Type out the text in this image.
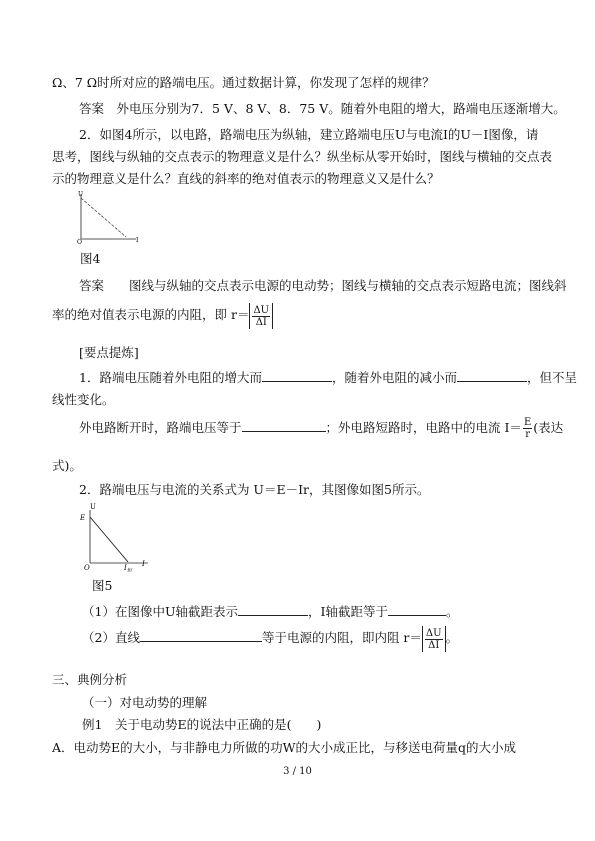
Ω、7 Ω时所对应的路端电压。通过数据计算，你发现了怎样的规律？
答案　 外电压分别为7．5 V、8 V、8．75 V。随着外电阻的增大，路端电压逐渐增大。
2．如图4所示，以电路，路端电压为纵轴，建立路端电压U与电流I的U－I图像，请
思考，图线与纵轴的交点表示的物理意义是什么？纵坐标从零开始时，图线与横轴的交点表
示的物理意义是什么？直线的斜率的绝对值表示的物理意义又是什么？
U
O	I
图4
答案　　 图线与纵轴的交点表示电源的电动势；图线与横轴的交点表示短路电流；图线斜
率的绝对值表示电源的内阻，即 $r= \frac{\Delta U}{\Delta I}$
[要点提炼]
1．路端电压随着外电阻的增大而	，随着外电阻的减小而	，但不呈
线性变化。
外电路断开时，路端电压等于	；外电路短路时，电路中的电流 $I= \frac{E}{r}$ (表达
式)。
2．路端电压与电流的关系式为 U＝E－Ir，其图像如图5所示。
U
E
O	$I_短$
I
图5
（1）在图像中U轴截距表示	，I轴截距等于	。
（2）直线	等于电源的内阻，即内阻 $r= \frac{\Delta U}{\Delta I}$ 。
三、典例分析
（一）对电动势的理解
例1　关于电动势E的说法中正确的是(　　)
A．电动势E的大小，与非静电力所做的功W的大小成正比，与移送电荷量q的大小成
3 / 10
